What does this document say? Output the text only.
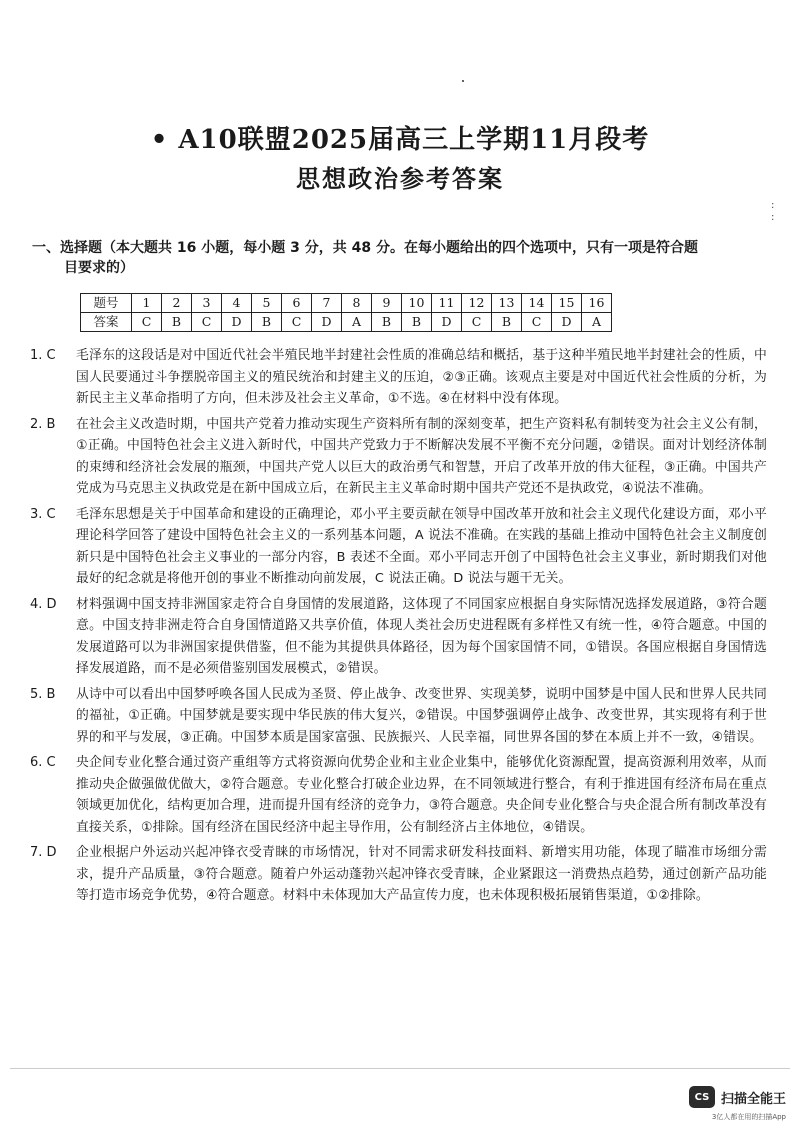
:
:
• A10联盟2025届高三上学期11月段考
思想政治参考答案
一、选择题（本大题共 16 小题，每小题 3 分，共 48 分。在每小题给出的四个选项中，只有一项是符合题
目要求的）
题号	1	2	3	4	5	6	7	8	9	10	11	12	13	14	15	16
答案	C	B	C	D	B	C	D	A	B	B	D	C	B	C	D	A
1. C	毛泽东的这段话是对中国近代社会半殖民地半封建社会性质的准确总结和概括，基于这种半殖民地半封建社会的性质，中国人民要通过斗争摆脱帝国主义的殖民统治和封建主义的压迫，②③正确。该观点主要是对中国近代社会性质的分析，为新民主主义革命指明了方向，但未涉及社会主义革命，①不选。④在材料中没有体现。
2. B	在社会主义改造时期，中国共产党着力推动实现生产资料所有制的深刻变革，把生产资料私有制转变为社会主义公有制，①正确。中国特色社会主义进入新时代，中国共产党致力于不断解决发展不平衡不充分问题，②错误。面对计划经济体制的束缚和经济社会发展的瓶颈，中国共产党人以巨大的政治勇气和智慧，开启了改革开放的伟大征程，③正确。中国共产党成为马克思主义执政党是在新中国成立后，在新民主主义革命时期中国共产党还不是执政党，④说法不准确。
3. C	毛泽东思想是关于中国革命和建设的正确理论，邓小平主要贡献在领导中国改革开放和社会主义现代化建设方面，邓小平理论科学回答了建设中国特色社会主义的一系列基本问题，A 说法不准确。在实践的基础上推动中国特色社会主义制度创新只是中国特色社会主义事业的一部分内容，B 表述不全面。邓小平同志开创了中国特色社会主义事业，新时期我们对他最好的纪念就是将他开创的事业不断推动向前发展，C 说法正确。D 说法与题干无关。
4. D	材料强调中国支持非洲国家走符合自身国情的发展道路，这体现了不同国家应根据自身实际情况选择发展道路，③符合题意。中国支持非洲走符合自身国情道路又共享价值，体现人类社会历史进程既有多样性又有统一性，④符合题意。中国的发展道路可以为非洲国家提供借鉴，但不能为其提供具体路径，因为每个国家国情不同，①错误。各国应根据自身国情选择发展道路，而不是必须借鉴别国发展模式，②错误。
5. B	从诗中可以看出中国梦呼唤各国人民成为圣贤、停止战争、改变世界、实现美梦，说明中国梦是中国人民和世界人民共同的福祉，①正确。中国梦就是要实现中华民族的伟大复兴，②错误。中国梦强调停止战争、改变世界，其实现将有利于世界的和平与发展，③正确。中国梦本质是国家富强、民族振兴、人民幸福，同世界各国的梦在本质上并不一致，④错误。
6. C	央企间专业化整合通过资产重组等方式将资源向优势企业和主业企业集中，能够优化资源配置，提高资源利用效率，从而推动央企做强做优做大，②符合题意。专业化整合打破企业边界，在不同领域进行整合，有利于推进国有经济布局在重点领域更加优化，结构更加合理，进而提升国有经济的竞争力，③符合题意。央企间专业化整合与央企混合所有制改革没有直接关系，①排除。国有经济在国民经济中起主导作用，公有制经济占主体地位，④错误。
7. D	企业根据户外运动兴起冲锋衣受青睐的市场情况，针对不同需求研发科技面料、新增实用功能，体现了瞄准市场细分需求，提升产品质量，③符合题意。随着户外运动蓬勃兴起冲锋衣受青睐，企业紧跟这一消费热点趋势，通过创新产品功能等打造市场竞争优势，④符合题意。材料中未体现加大产品宣传力度，也未体现积极拓展销售渠道，①②排除。
CS 扫描全能王
3亿人都在用的扫描App
